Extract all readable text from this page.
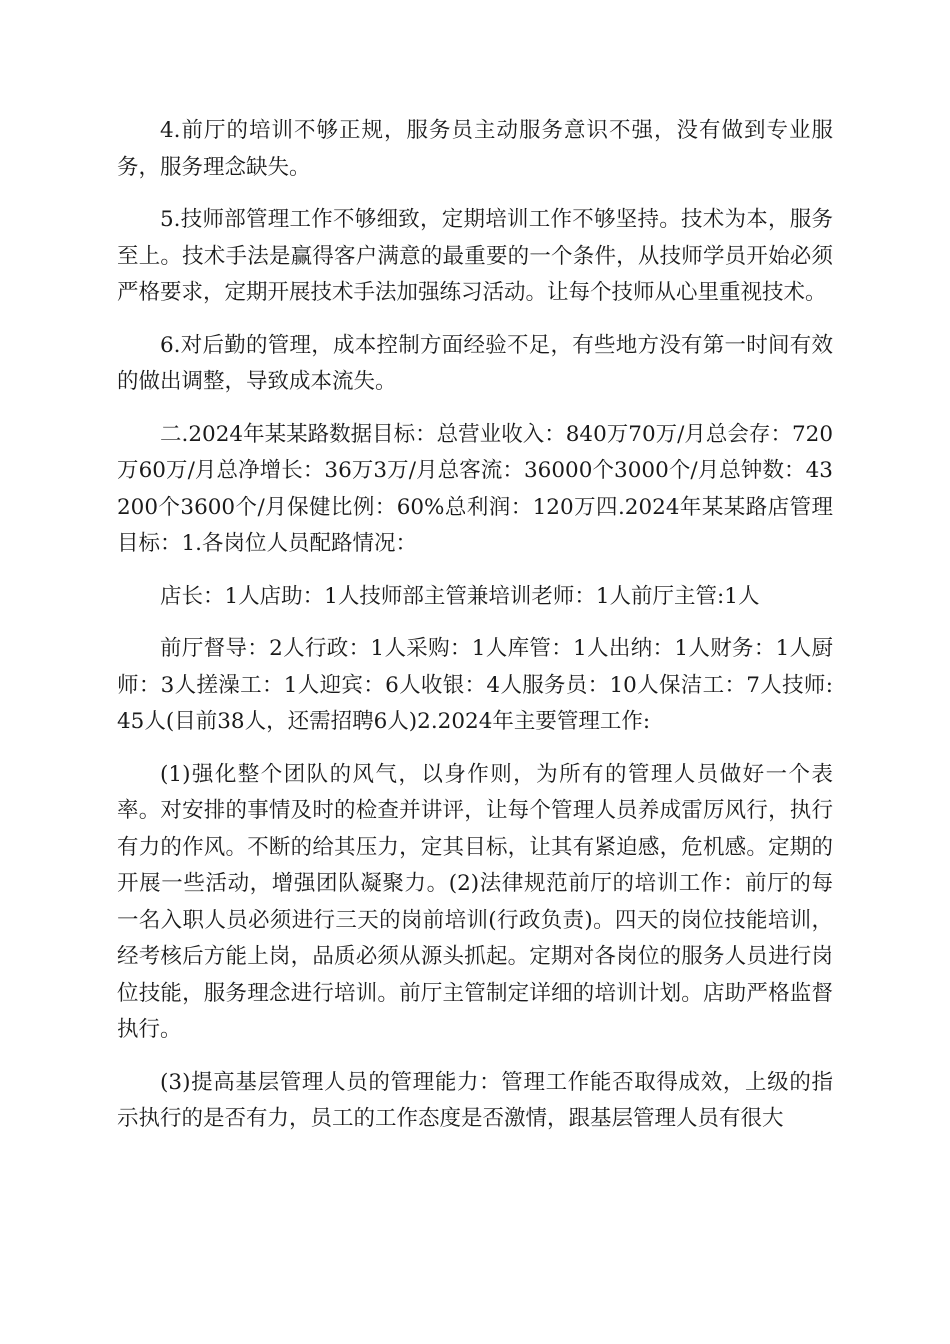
4.前厅的培训不够正规，服务员主动服务意识不强，没有做到专业服务，服务理念缺失。

5.技师部管理工作不够细致，定期培训工作不够坚持。技术为本，服务至上。技术手法是赢得客户满意的最重要的一个条件，从技师学员开始必须严格要求，定期开展技术手法加强练习活动。让每个技师从心里重视技术。

6.对后勤的管理，成本控制方面经验不足，有些地方没有第一时间有效的做出调整，导致成本流失。

二.2024年某某路数据目标：总营业收入：840万70万/月总会存：720万60万/月总净增长：36万3万/月总客流：36000个3000个/月总钟数：43200个3600个/月保健比例：60%总利润：120万四.2024年某某路店管理目标：1.各岗位人员配路情况：

店长：1人店助：1人技师部主管兼培训老师：1人前厅主管:1人

前厅督导：2人行政：1人采购：1人库管：1人出纳：1人财务：1人厨师：3人搓澡工：1人迎宾：6人收银：4人服务员：10人保洁工：7人技师:45人(目前38人，还需招聘6人)2.2024年主要管理工作:

(1)强化整个团队的风气，以身作则，为所有的管理人员做好一个表率。对安排的事情及时的检查并讲评，让每个管理人员养成雷厉风行，执行有力的作风。不断的给其压力，定其目标，让其有紧迫感，危机感。定期的开展一些活动，增强团队凝聚力。(2)法律规范前厅的培训工作：前厅的每一名入职人员必须进行三天的岗前培训(行政负责)。四天的岗位技能培训，经考核后方能上岗，品质必须从源头抓起。定期对各岗位的服务人员进行岗位技能，服务理念进行培训。前厅主管制定详细的培训计划。店助严格监督执行。

(3)提高基层管理人员的管理能力：管理工作能否取得成效，上级的指示执行的是否有力，员工的工作态度是否激情，跟基层管理人员有很大
